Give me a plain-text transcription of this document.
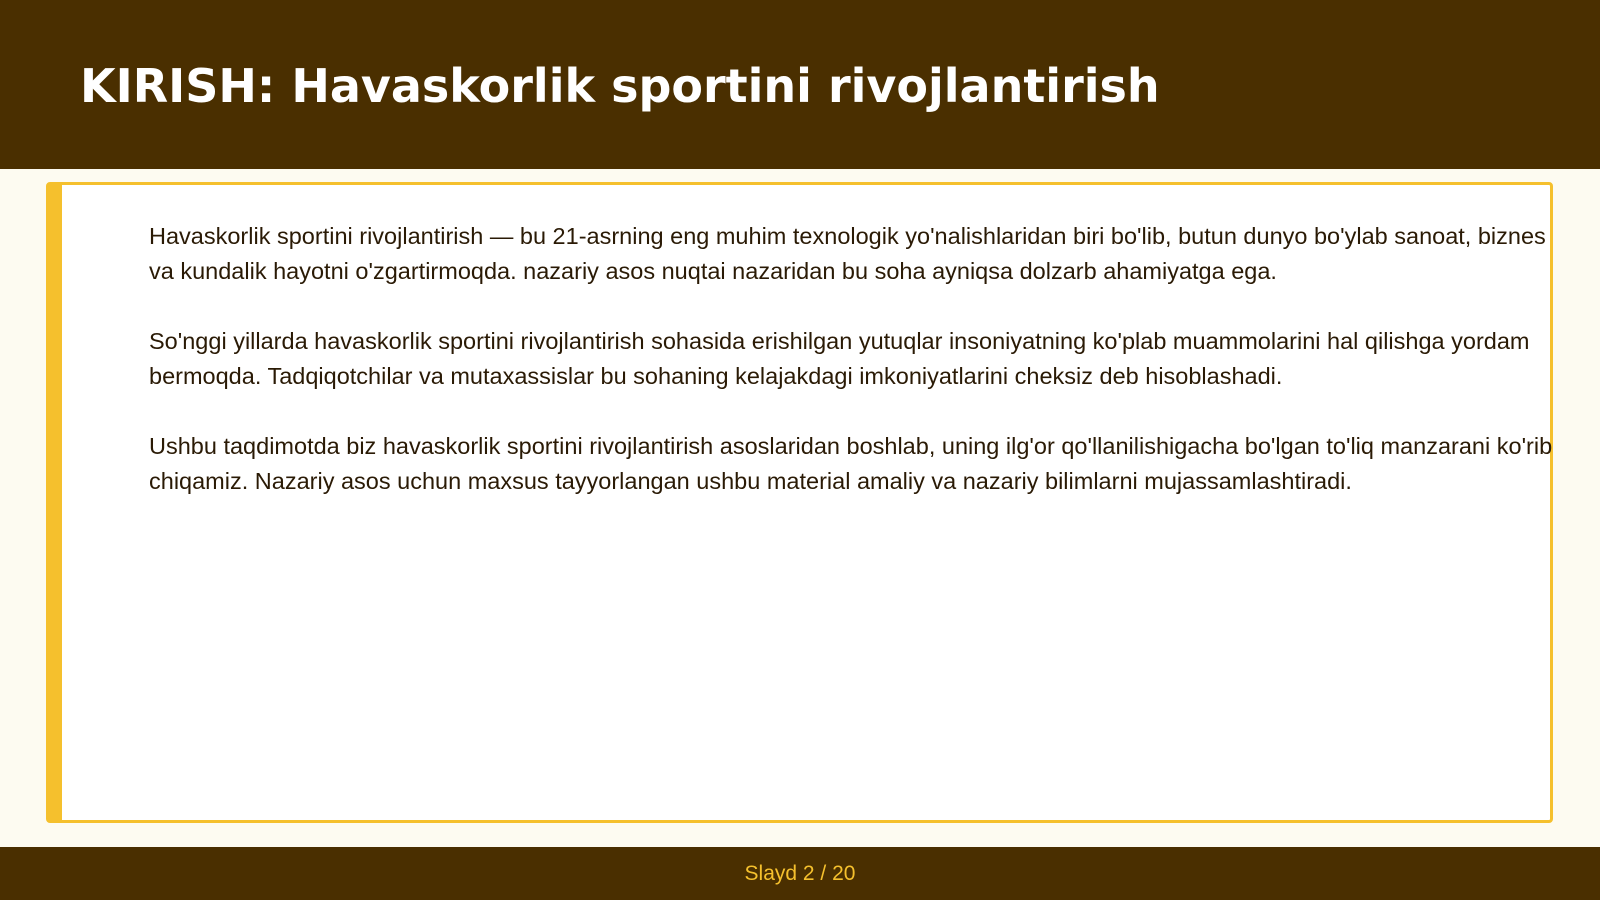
KIRISH: Havaskorlik sportini rivojlantirish

Havaskorlik sportini rivojlantirish — bu 21-asrning eng muhim texnologik yo'nalishlaridan biri bo'lib, butun dunyo bo'ylab sanoat, biznes va kundalik hayotni o'zgartirmoqda. nazariy asos nuqtai nazaridan bu soha ayniqsa dolzarb ahamiyatga ega.

So'nggi yillarda havaskorlik sportini rivojlantirish sohasida erishilgan yutuqlar insoniyatning ko'plab muammolarini hal qilishga yordam bermoqda. Tadqiqotchilar va mutaxassislar bu sohaning kelajakdagi imkoniyatlarini cheksiz deb hisoblashadi.

Ushbu taqdimotda biz havaskorlik sportini rivojlantirish asoslaridan boshlab, uning ilg'or qo'llanilishigacha bo'lgan to'liq manzarani ko'rib chiqamiz. Nazariy asos uchun maxsus tayyorlangan ushbu material amaliy va nazariy bilimlarni mujassamlashtiradi.

Slayd 2 / 20
